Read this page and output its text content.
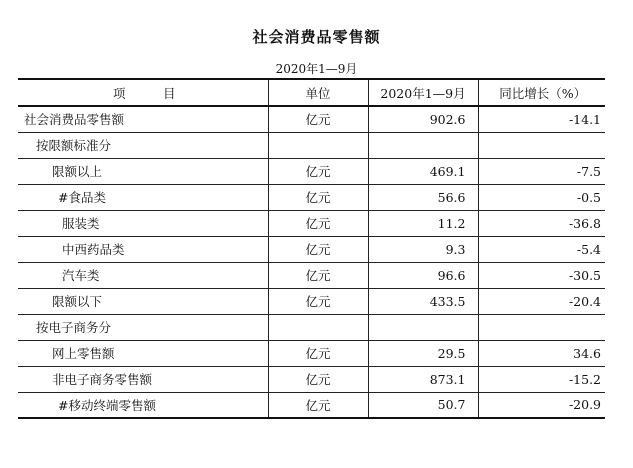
社会消费品零售额
2020年1—9月
项　　　目	单位	2020年1—9月	同比增长（%）
社会消费品零售额	亿元	902.6	-14.1
按限额标准分			
限额以上	亿元	469.1	-7.5
#食品类	亿元	56.6	-0.5
服装类	亿元	11.2	-36.8
中西药品类	亿元	9.3	-5.4
汽车类	亿元	96.6	-30.5
限额以下	亿元	433.5	-20.4
按电子商务分			
网上零售额	亿元	29.5	34.6
非电子商务零售额	亿元	873.1	-15.2
#移动终端零售额	亿元	50.7	-20.9
